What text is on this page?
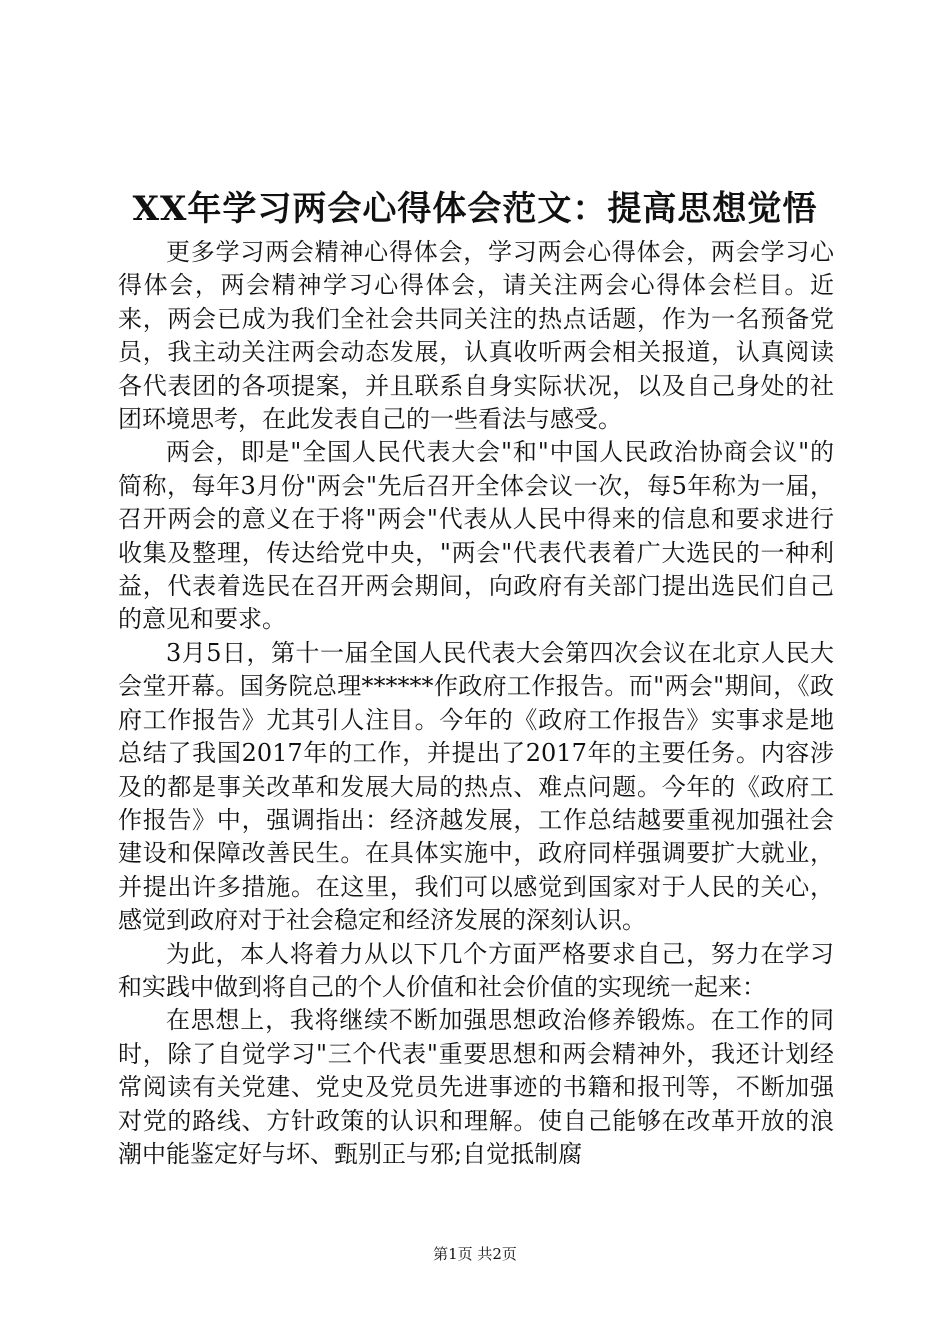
XX年学习两会心得体会范文：提高思想觉悟

更多学习两会精神心得体会，学习两会心得体会，两会学习心得体会，两会精神学习心得体会，请关注两会心得体会栏目。近来，两会已成为我们全社会共同关注的热点话题，作为一名预备党员，我主动关注两会动态发展，认真收听两会相关报道，认真阅读各代表团的各项提案，并且联系自身实际状况，以及自己身处的社团环境思考，在此发表自己的一些看法与感受。

两会，即是"全国人民代表大会"和"中国人民政治协商会议"的简称，每年3月份"两会"先后召开全体会议一次，每5年称为一届，召开两会的意义在于将"两会"代表从人民中得来的信息和要求进行收集及整理，传达给党中央，"两会"代表代表着广大选民的一种利益，代表着选民在召开两会期间，向政府有关部门提出选民们自己的意见和要求。

3月5日，第十一届全国人民代表大会第四次会议在北京人民大会堂开幕。国务院总理******作政府工作报告。而"两会"期间，《政府工作报告》尤其引人注目。今年的《政府工作报告》实事求是地总结了我国2017年的工作，并提出了2017年的主要任务。内容涉及的都是事关改革和发展大局的热点、难点问题。今年的《政府工作报告》中，强调指出：经济越发展，工作总结越要重视加强社会建设和保障改善民生。在具体实施中，政府同样强调要扩大就业，并提出许多措施。在这里，我们可以感觉到国家对于人民的关心，感觉到政府对于社会稳定和经济发展的深刻认识。

为此，本人将着力从以下几个方面严格要求自己，努力在学习和实践中做到将自己的个人价值和社会价值的实现统一起来：

在思想上，我将继续不断加强思想政治修养锻炼。在工作的同时，除了自觉学习"三个代表"重要思想和两会精神外，我还计划经常阅读有关党建、党史及党员先进事迹的书籍和报刊等，不断加强对党的路线、方针政策的认识和理解。使自己能够在改革开放的浪潮中能鉴定好与坏、甄别正与邪;自觉抵制腐

第1页 共2页
